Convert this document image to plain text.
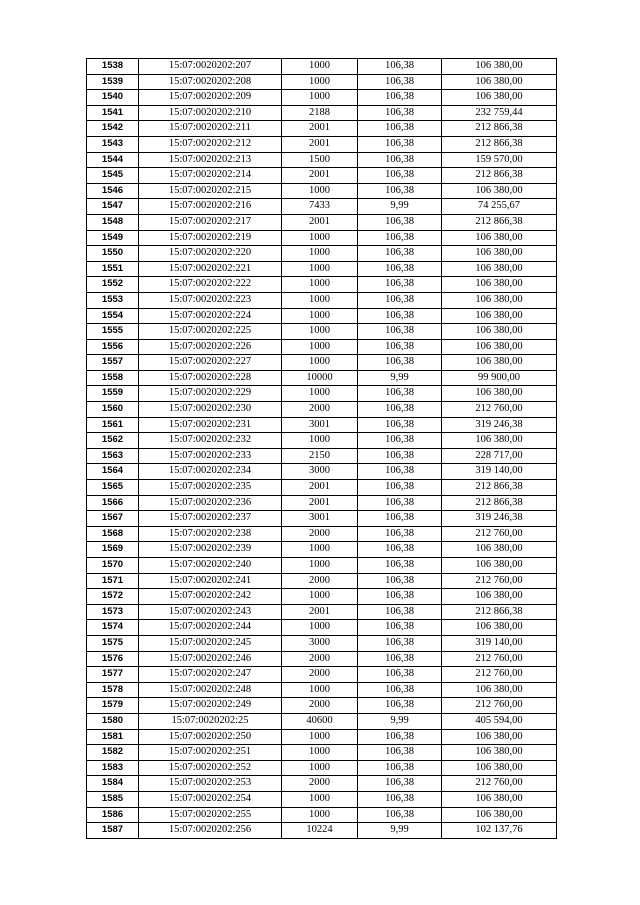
1538	15:07:0020202:207	1000	106,38	106 380,00
1539	15:07:0020202:208	1000	106,38	106 380,00
1540	15:07:0020202:209	1000	106,38	106 380,00
1541	15:07:0020202:210	2188	106,38	232 759,44
1542	15:07:0020202:211	2001	106,38	212 866,38
1543	15:07:0020202:212	2001	106,38	212 866,38
1544	15:07:0020202:213	1500	106,38	159 570,00
1545	15:07:0020202:214	2001	106,38	212 866,38
1546	15:07:0020202:215	1000	106,38	106 380,00
1547	15:07:0020202:216	7433	9,99	74 255,67
1548	15:07:0020202:217	2001	106,38	212 866,38
1549	15:07:0020202:219	1000	106,38	106 380,00
1550	15:07:0020202:220	1000	106,38	106 380,00
1551	15:07:0020202:221	1000	106,38	106 380,00
1552	15:07:0020202:222	1000	106,38	106 380,00
1553	15:07:0020202:223	1000	106,38	106 380,00
1554	15:07:0020202:224	1000	106,38	106 380,00
1555	15:07:0020202:225	1000	106,38	106 380,00
1556	15:07:0020202:226	1000	106,38	106 380,00
1557	15:07:0020202:227	1000	106,38	106 380,00
1558	15:07:0020202:228	10000	9,99	99 900,00
1559	15:07:0020202:229	1000	106,38	106 380,00
1560	15:07:0020202:230	2000	106,38	212 760,00
1561	15:07:0020202:231	3001	106,38	319 246,38
1562	15:07:0020202:232	1000	106,38	106 380,00
1563	15:07:0020202:233	2150	106,38	228 717,00
1564	15:07:0020202:234	3000	106,38	319 140,00
1565	15:07:0020202:235	2001	106,38	212 866,38
1566	15:07:0020202:236	2001	106,38	212 866,38
1567	15:07:0020202:237	3001	106,38	319 246,38
1568	15:07:0020202:238	2000	106,38	212 760,00
1569	15:07:0020202:239	1000	106,38	106 380,00
1570	15:07:0020202:240	1000	106,38	106 380,00
1571	15:07:0020202:241	2000	106,38	212 760,00
1572	15:07:0020202:242	1000	106,38	106 380,00
1573	15:07:0020202:243	2001	106,38	212 866,38
1574	15:07:0020202:244	1000	106,38	106 380,00
1575	15:07:0020202:245	3000	106,38	319 140,00
1576	15:07:0020202:246	2000	106,38	212 760,00
1577	15:07:0020202:247	2000	106,38	212 760,00
1578	15:07:0020202:248	1000	106,38	106 380,00
1579	15:07:0020202:249	2000	106,38	212 760,00
1580	15:07:0020202:25	40600	9,99	405 594,00
1581	15:07:0020202:250	1000	106,38	106 380,00
1582	15:07:0020202:251	1000	106,38	106 380,00
1583	15:07:0020202:252	1000	106,38	106 380,00
1584	15:07:0020202:253	2000	106,38	212 760,00
1585	15:07:0020202:254	1000	106,38	106 380,00
1586	15:07:0020202:255	1000	106,38	106 380,00
1587	15:07:0020202:256	10224	9,99	102 137,76
